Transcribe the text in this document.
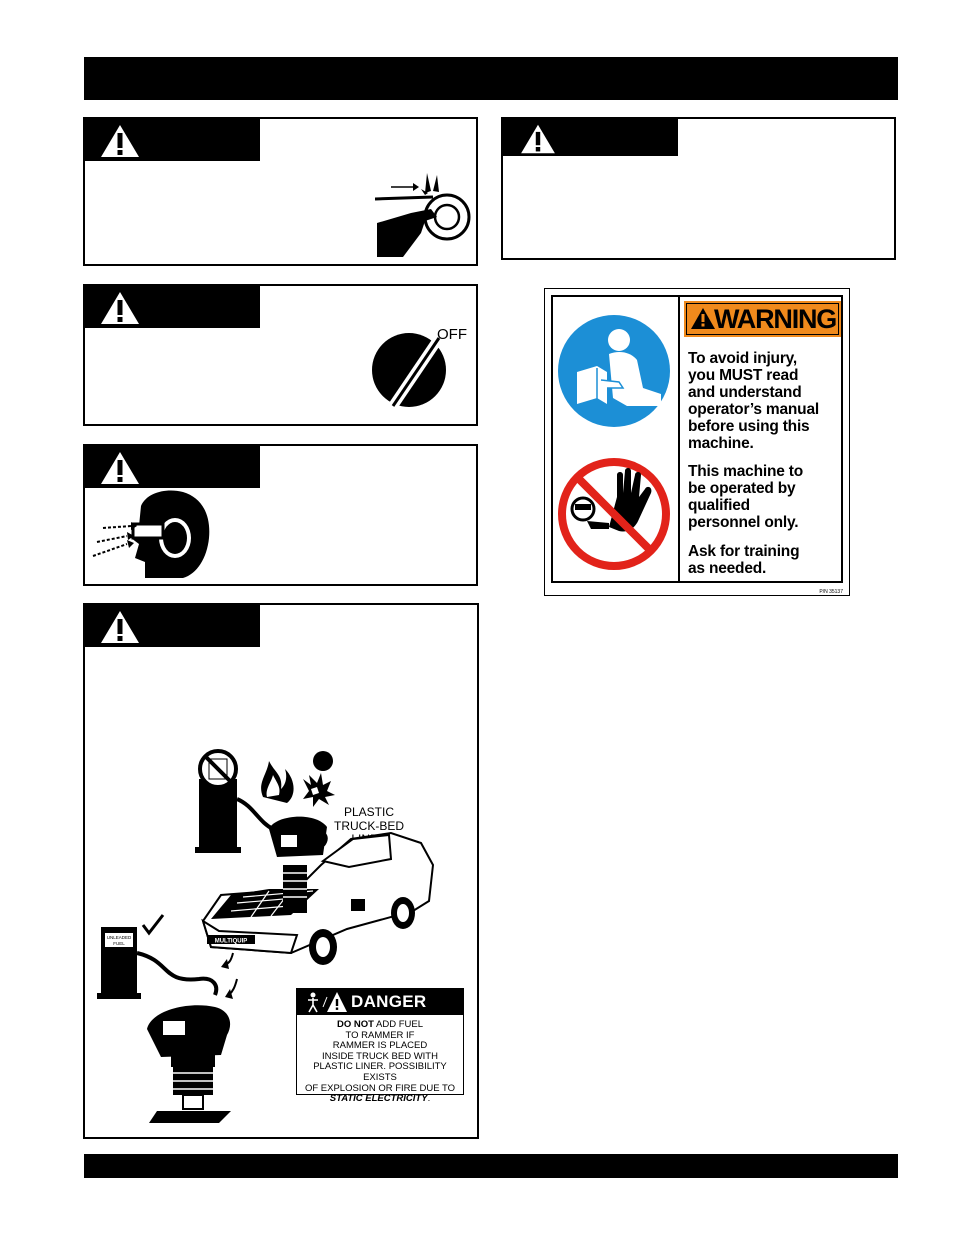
OFF
PLASTIC
TRUCK-BED
MULTIQUIP
UNLEADED
FUEL
DANGER
DO NOT ADD FUEL
TO RAMMER IF
RAMMER IS PLACED
INSIDE TRUCK BED WITH
PLASTIC LINER. POSSIBILITY EXISTS
OF EXPLOSION OR FIRE DUE TO
STATIC ELECTRICITY.
WARNING
To avoid injury,
you MUST read
and understand
operator’s manual
before using this
machine.
This machine to
be operated by
qualified
personnel only.
Ask for training
as needed.
P/N 35137
